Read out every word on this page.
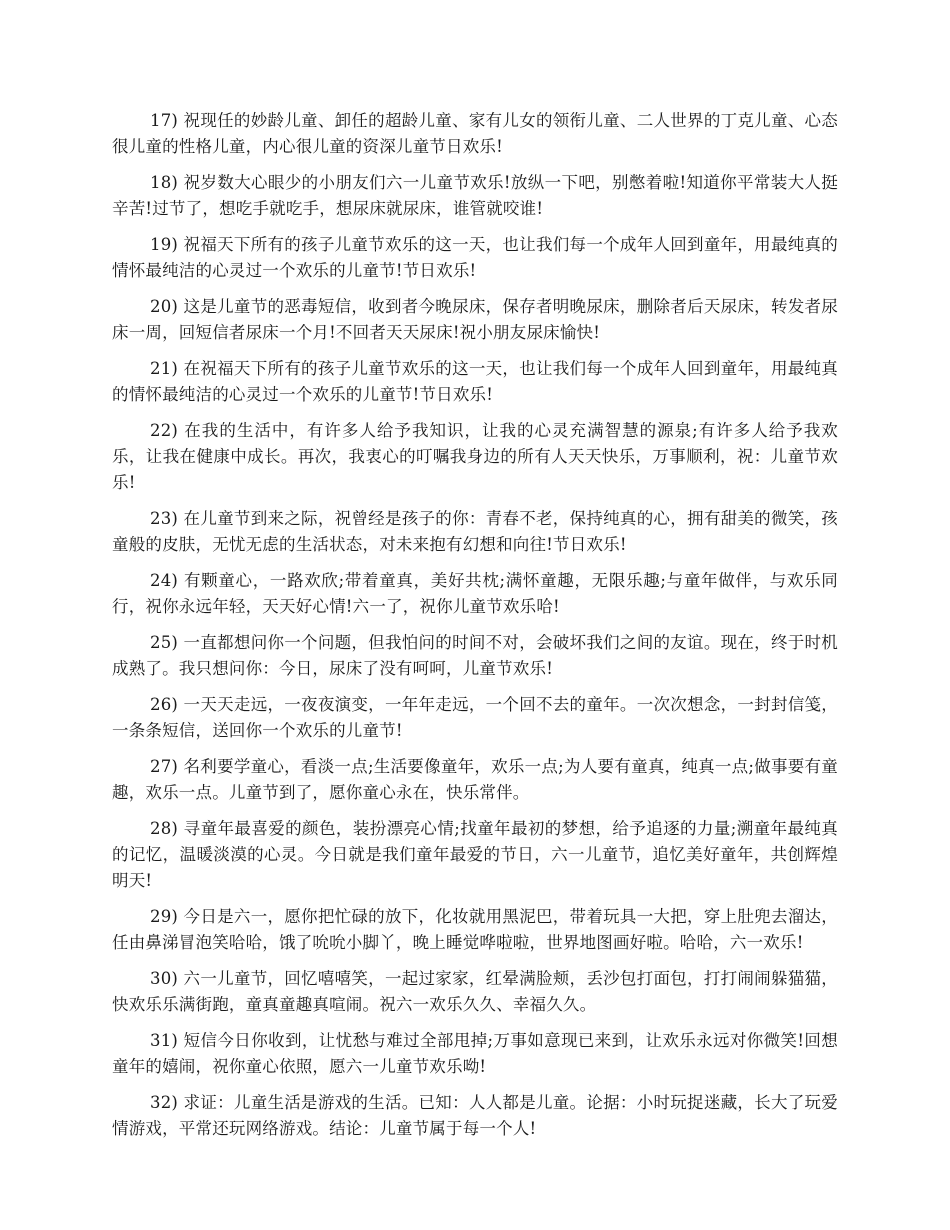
17) 祝现任的妙龄儿童、卸任的超龄儿童、家有儿女的领衔儿童、二人世界的丁克儿童、心态很儿童的性格儿童，内心很儿童的资深儿童节日欢乐!

18) 祝岁数大心眼少的小朋友们六一儿童节欢乐!放纵一下吧，别憋着啦!知道你平常装大人挺辛苦!过节了，想吃手就吃手，想尿床就尿床，谁管就咬谁!

19) 祝福天下所有的孩子儿童节欢乐的这一天，也让我们每一个成年人回到童年，用最纯真的情怀最纯洁的心灵过一个欢乐的儿童节!节日欢乐!

20) 这是儿童节的恶毒短信，收到者今晚尿床，保存者明晚尿床，删除者后天尿床，转发者尿床一周，回短信者尿床一个月!不回者天天尿床!祝小朋友尿床愉快!

21) 在祝福天下所有的孩子儿童节欢乐的这一天，也让我们每一个成年人回到童年，用最纯真的情怀最纯洁的心灵过一个欢乐的儿童节!节日欢乐!

22) 在我的生活中，有许多人给予我知识，让我的心灵充满智慧的源泉;有许多人给予我欢乐，让我在健康中成长。再次，我衷心的叮嘱我身边的所有人天天快乐，万事顺利，祝：儿童节欢乐!

23) 在儿童节到来之际，祝曾经是孩子的你：青春不老，保持纯真的心，拥有甜美的微笑，孩童般的皮肤，无忧无虑的生活状态，对未来抱有幻想和向往!节日欢乐!

24) 有颗童心，一路欢欣;带着童真，美好共枕;满怀童趣，无限乐趣;与童年做伴，与欢乐同行，祝你永远年轻，天天好心情!六一了，祝你儿童节欢乐哈!

25) 一直都想问你一个问题，但我怕问的时间不对，会破坏我们之间的友谊。现在，终于时机成熟了。我只想问你：今日，尿床了没有呵呵，儿童节欢乐!

26) 一天天走远，一夜夜演变，一年年走远，一个回不去的童年。一次次想念，一封封信笺，一条条短信，送回你一个欢乐的儿童节!

27) 名利要学童心，看淡一点;生活要像童年，欢乐一点;为人要有童真，纯真一点;做事要有童趣，欢乐一点。儿童节到了，愿你童心永在，快乐常伴。

28) 寻童年最喜爱的颜色，装扮漂亮心情;找童年最初的梦想，给予追逐的力量;溯童年最纯真的记忆，温暖淡漠的心灵。今日就是我们童年最爱的节日，六一儿童节，追忆美好童年，共创辉煌明天!

29) 今日是六一，愿你把忙碌的放下，化妆就用黑泥巴，带着玩具一大把，穿上肚兜去溜达，任由鼻涕冒泡笑哈哈，饿了吮吮小脚丫，晚上睡觉哗啦啦，世界地图画好啦。哈哈，六一欢乐!

30) 六一儿童节，回忆嘻嘻笑，一起过家家，红晕满脸颊，丢沙包打面包，打打闹闹躲猫猫，快欢乐乐满街跑，童真童趣真喧闹。祝六一欢乐久久、幸福久久。

31) 短信今日你收到，让忧愁与难过全部甩掉;万事如意现已来到，让欢乐永远对你微笑!回想童年的嬉闹，祝你童心依照，愿六一儿童节欢乐呦!

32) 求证：儿童生活是游戏的生活。已知：人人都是儿童。论据：小时玩捉迷藏，长大了玩爱情游戏，平常还玩网络游戏。结论：儿童节属于每一个人!
